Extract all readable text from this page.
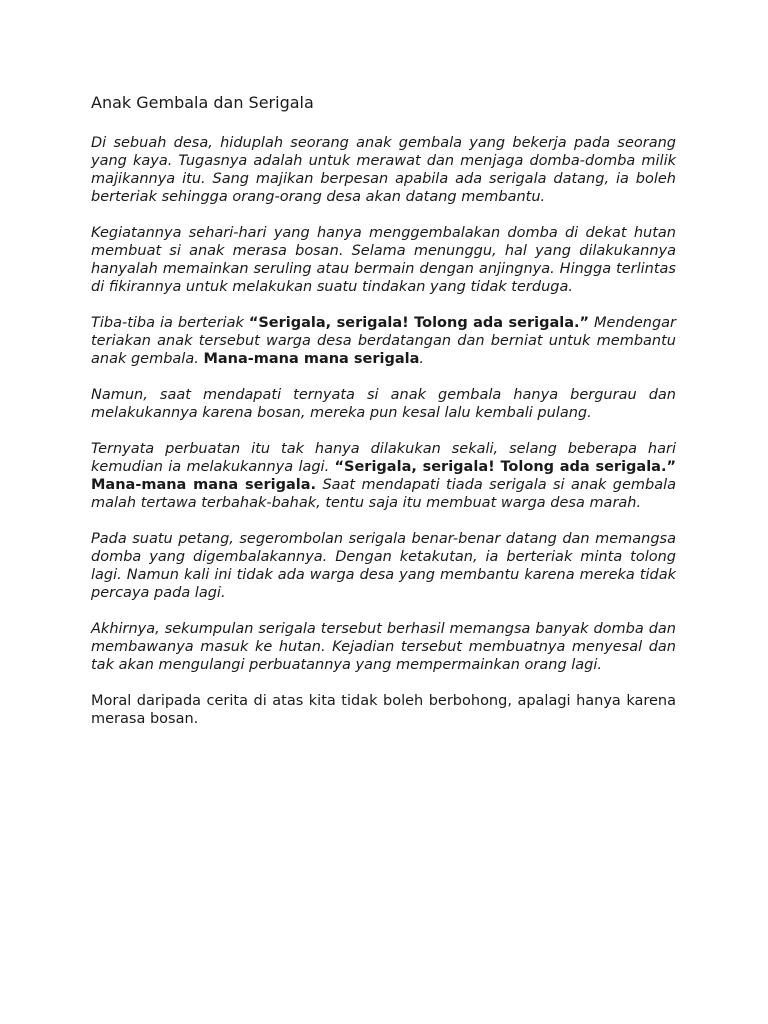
Anak Gembala dan Serigala

Di sebuah desa, hiduplah seorang anak gembala yang bekerja pada seorang yang kaya. Tugasnya adalah untuk merawat dan menjaga domba-domba milik majikannya itu. Sang majikan berpesan apabila ada serigala datang, ia boleh berteriak sehingga orang-orang desa akan datang membantu.

Kegiatannya sehari-hari yang hanya menggembalakan domba di dekat hutan membuat si anak merasa bosan. Selama menunggu, hal yang dilakukannya hanyalah memainkan seruling atau bermain dengan anjingnya. Hingga terlintas di fikirannya untuk melakukan suatu tindakan yang tidak terduga.

Tiba-tiba ia berteriak “Serigala, serigala! Tolong ada serigala.” Mendengar teriakan anak tersebut warga desa berdatangan dan berniat untuk membantu anak gembala. Mana-mana mana serigala.

Namun, saat mendapati ternyata si anak gembala hanya bergurau dan melakukannya karena bosan, mereka pun kesal lalu kembali pulang.

Ternyata perbuatan itu tak hanya dilakukan sekali, selang beberapa hari kemudian ia melakukannya lagi. “Serigala, serigala! Tolong ada serigala.” Mana-mana mana serigala. Saat mendapati tiada serigala si anak gembala malah tertawa terbahak-bahak, tentu saja itu membuat warga desa marah.

Pada suatu petang, segerombolan serigala benar-benar datang dan memangsa domba yang digembalakannya. Dengan ketakutan, ia berteriak minta tolong lagi. Namun kali ini tidak ada warga desa yang membantu karena mereka tidak percaya pada lagi.

Akhirnya, sekumpulan serigala tersebut berhasil memangsa banyak domba dan membawanya masuk ke hutan. Kejadian tersebut membuatnya menyesal dan tak akan mengulangi perbuatannya yang mempermainkan orang lagi.

Moral daripada cerita di atas kita tidak boleh berbohong, apalagi hanya karena merasa bosan.
